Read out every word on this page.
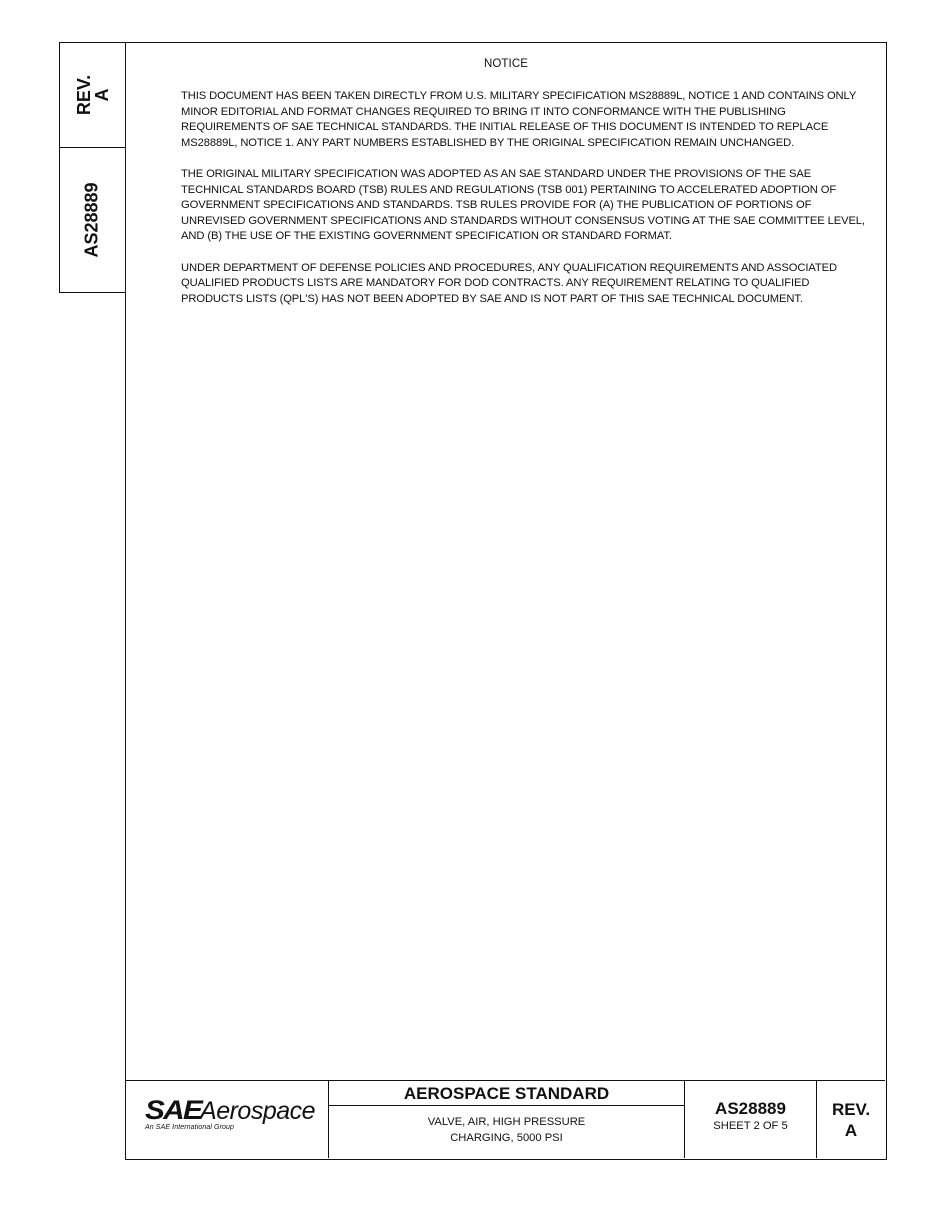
REV.
A
AS28889
NOTICE

THIS DOCUMENT HAS BEEN TAKEN DIRECTLY FROM U.S. MILITARY SPECIFICATION MS28889L, NOTICE 1 AND CONTAINS ONLY MINOR EDITORIAL AND FORMAT CHANGES REQUIRED TO BRING IT INTO CONFORMANCE WITH THE PUBLISHING REQUIREMENTS OF SAE TECHNICAL STANDARDS. THE INITIAL RELEASE OF THIS DOCUMENT IS INTENDED TO REPLACE MS28889L, NOTICE 1. ANY PART NUMBERS ESTABLISHED BY THE ORIGINAL SPECIFICATION REMAIN UNCHANGED.

THE ORIGINAL MILITARY SPECIFICATION WAS ADOPTED AS AN SAE STANDARD UNDER THE PROVISIONS OF THE SAE TECHNICAL STANDARDS BOARD (TSB) RULES AND REGULATIONS (TSB 001) PERTAINING TO ACCELERATED ADOPTION OF GOVERNMENT SPECIFICATIONS AND STANDARDS. TSB RULES PROVIDE FOR (A) THE PUBLICATION OF PORTIONS OF UNREVISED GOVERNMENT SPECIFICATIONS AND STANDARDS WITHOUT CONSENSUS VOTING AT THE SAE COMMITTEE LEVEL, AND (B) THE USE OF THE EXISTING GOVERNMENT SPECIFICATION OR STANDARD FORMAT.

UNDER DEPARTMENT OF DEFENSE POLICIES AND PROCEDURES, ANY QUALIFICATION REQUIREMENTS AND ASSOCIATED QUALIFIED PRODUCTS LISTS ARE MANDATORY FOR DOD CONTRACTS. ANY REQUIREMENT RELATING TO QUALIFIED PRODUCTS LISTS (QPL'S) HAS NOT BEEN ADOPTED BY SAE AND IS NOT PART OF THIS SAE TECHNICAL DOCUMENT.

SAEAerospace
An SAE International Group
AEROSPACE STANDARD
VALVE, AIR, HIGH PRESSURE
CHARGING, 5000 PSI
AS28889
SHEET 2 OF 5
REV.
A
